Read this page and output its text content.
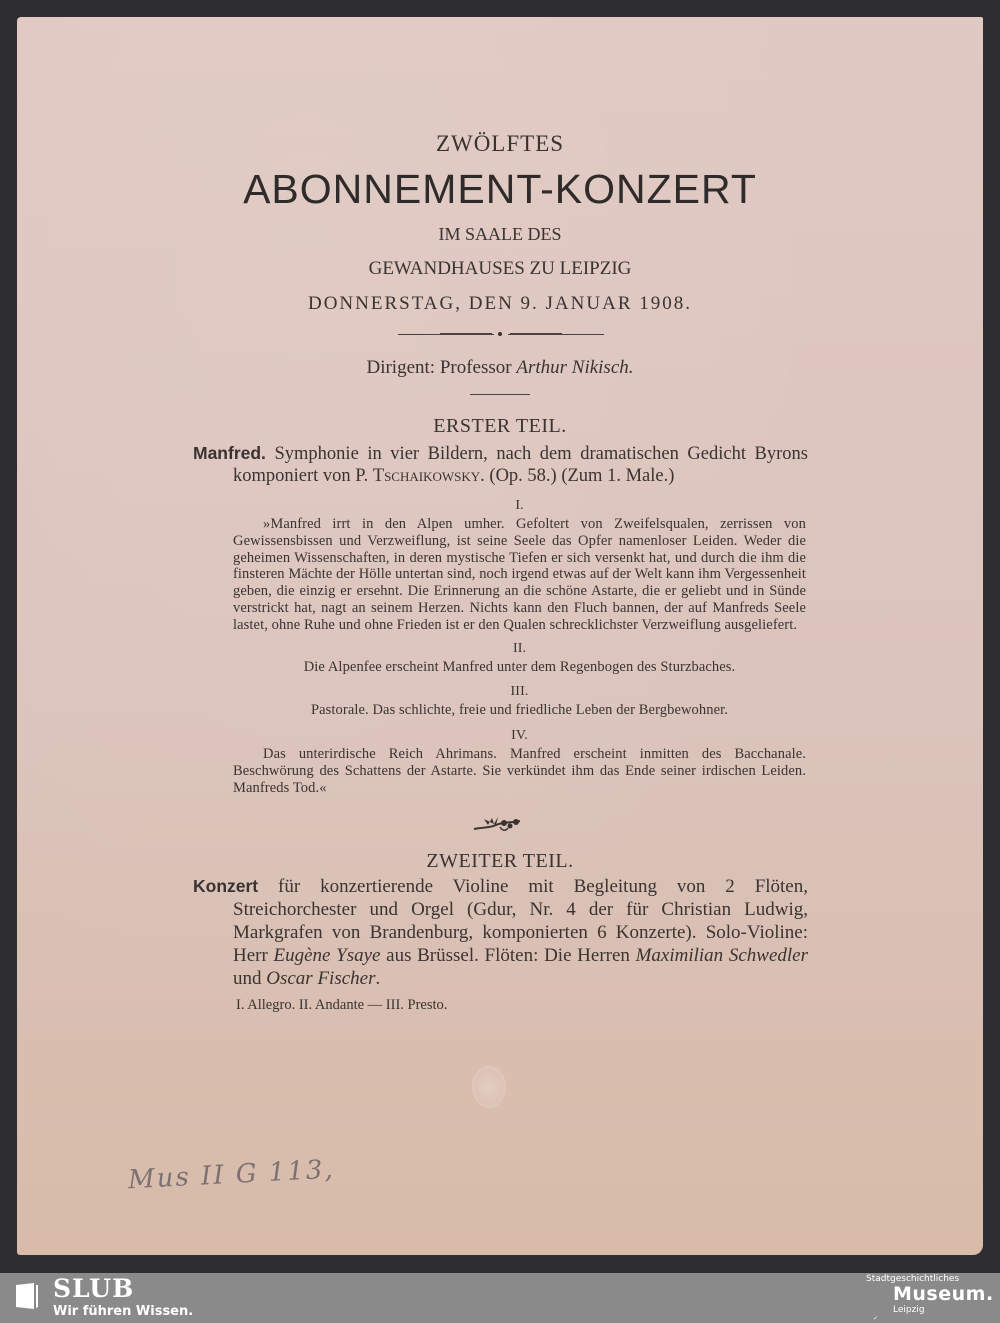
ZWÖLFTES
ABONNEMENT-KONZERT
IM SAALE DES
GEWANDHAUSES ZU LEIPZIG
DONNERSTAG, DEN 9. JANUAR 1908.
Dirigent: Professor Arthur Nikisch.
ERSTER TEIL.
Manfred. Symphonie in vier Bildern, nach dem dramatischen Gedicht Byrons komponiert von P. Tschaikowsky. (Op. 58.) (Zum 1. Male.)
I.
»Manfred irrt in den Alpen umher. Gefoltert von Zweifelsqualen, zerrissen von Gewissensbissen und Verzweiflung, ist seine Seele das Opfer namenloser Leiden. Weder die geheimen Wissenschaften, in deren mystische Tiefen er sich versenkt hat, und durch die ihm die finsteren Mächte der Hölle untertan sind, noch irgend etwas auf der Welt kann ihm Vergessenheit geben, die einzig er ersehnt. Die Erinnerung an die schöne Astarte, die er geliebt und in Sünde verstrickt hat, nagt an seinem Herzen. Nichts kann den Fluch bannen, der auf Manfreds Seele lastet, ohne Ruhe und ohne Frieden ist er den Qualen schrecklichster Verzweiflung ausgeliefert.
II.
Die Alpenfee erscheint Manfred unter dem Regenbogen des Sturzbaches.
III.
Pastorale. Das schlichte, freie und friedliche Leben der Bergbewohner.
IV.
Das unterirdische Reich Ahrimans. Manfred erscheint inmitten des Bacchanale. Beschwörung des Schattens der Astarte. Sie verkündet ihm das Ende seiner irdischen Leiden. Manfreds Tod.«
ZWEITER TEIL.
Konzert für konzertierende Violine mit Begleitung von 2 Flöten, Streichorchester und Orgel (Gdur, Nr. 4 der für Christian Ludwig, Markgrafen von Brandenburg, komponierten 6 Konzerte). Solo-Violine: Herr Eugène Ysaye aus Brüssel. Flöten: Die Herren Maximilian Schwedler und Oscar Fischer.
I. Allegro. II. Andante — III. Presto.
Mus II G 113,
SLUB
Wir führen Wissen.
Stadtgeschichtliches
Museum.
Leipzig
✓
